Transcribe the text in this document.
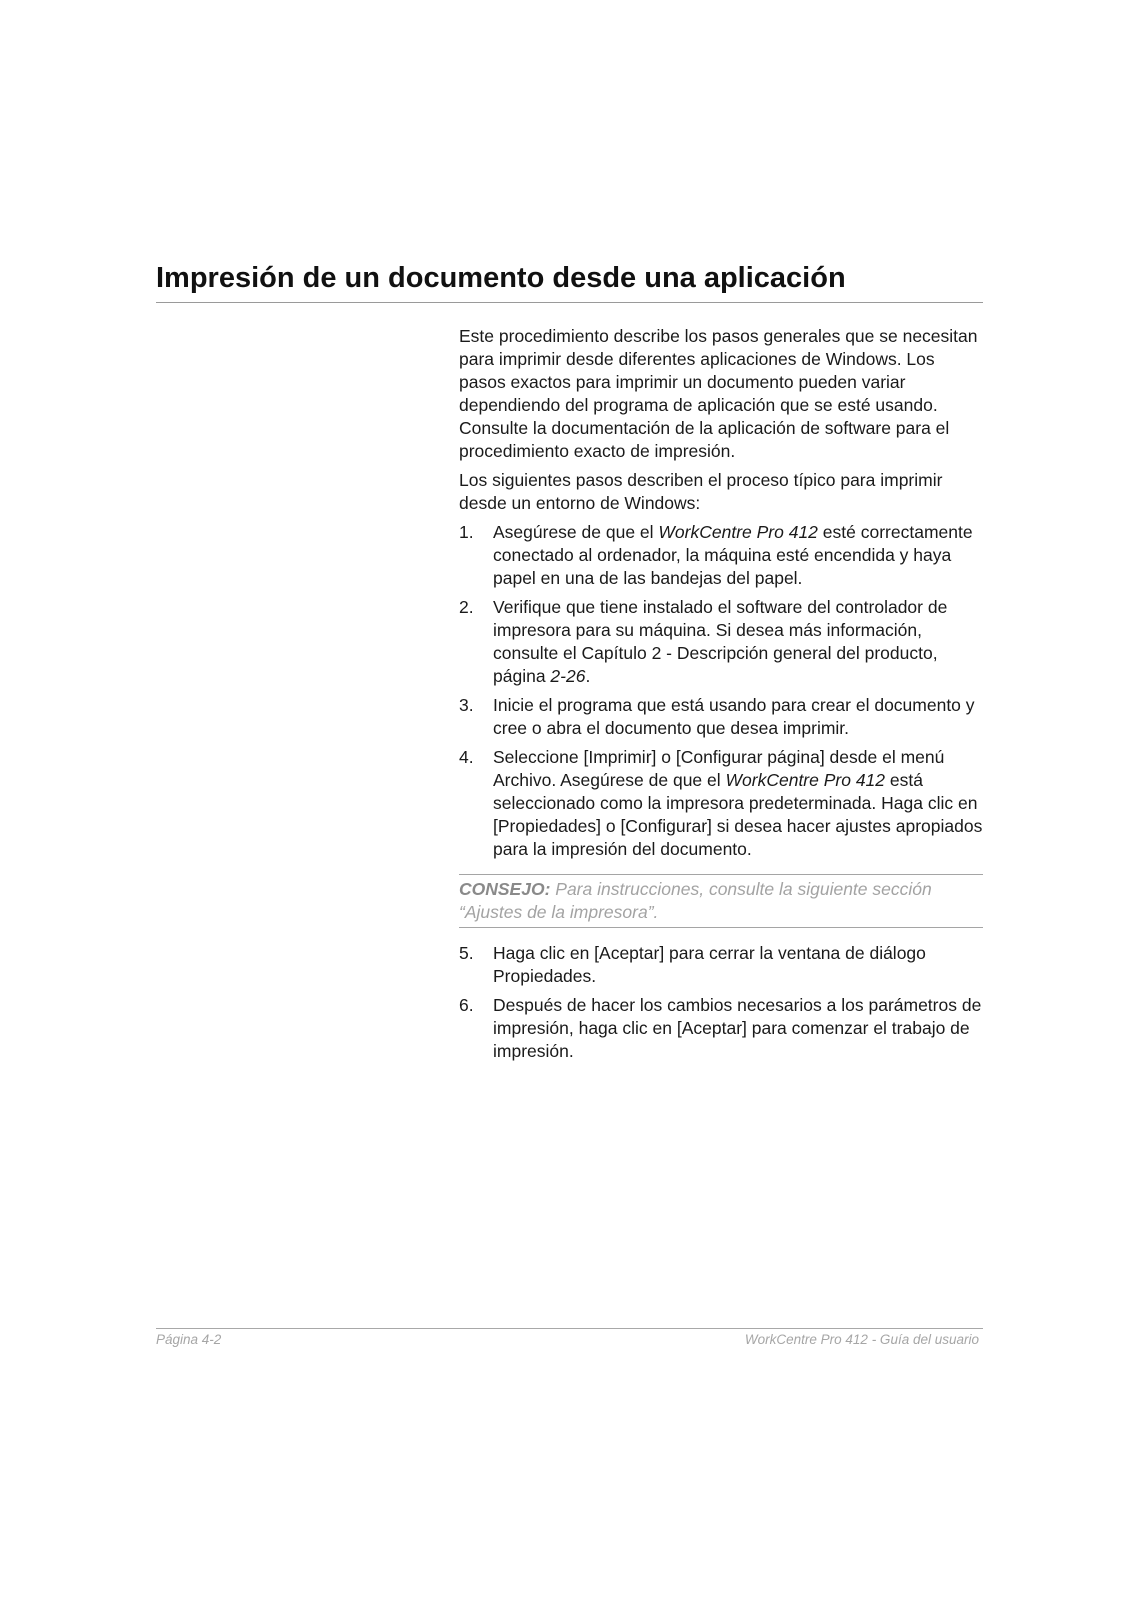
Impresión de un documento desde una aplicación

Este procedimiento describe los pasos generales que se necesitan para imprimir desde diferentes aplicaciones de Windows. Los pasos exactos para imprimir un documento pueden variar dependiendo del programa de aplicación que se esté usando. Consulte la documentación de la aplicación de software para el procedimiento exacto de impresión.

Los siguientes pasos describen el proceso típico para imprimir desde un entorno de Windows:

1. Asegúrese de que el WorkCentre Pro 412 esté correctamente conectado al ordenador, la máquina esté encendida y haya papel en una de las bandejas del papel.
2. Verifique que tiene instalado el software del controlador de impresora para su máquina. Si desea más información, consulte el Capítulo 2 - Descripción general del producto, página 2-26.
3. Inicie el programa que está usando para crear el documento y cree o abra el documento que desea imprimir.
4. Seleccione [Imprimir] o [Configurar página] desde el menú Archivo. Asegúrese de que el WorkCentre Pro 412 está seleccionado como la impresora predeterminada. Haga clic en [Propiedades] o [Configurar] si desea hacer ajustes apropiados para la impresión del documento.
CONSEJO: Para instrucciones, consulte la siguiente sección “Ajustes de la impresora”.
5. Haga clic en [Aceptar] para cerrar la ventana de diálogo Propiedades.
6. Después de hacer los cambios necesarios a los parámetros de impresión, haga clic en [Aceptar] para comenzar el trabajo de impresión.
Página 4-2	WorkCentre Pro 412 - Guía del usuario
